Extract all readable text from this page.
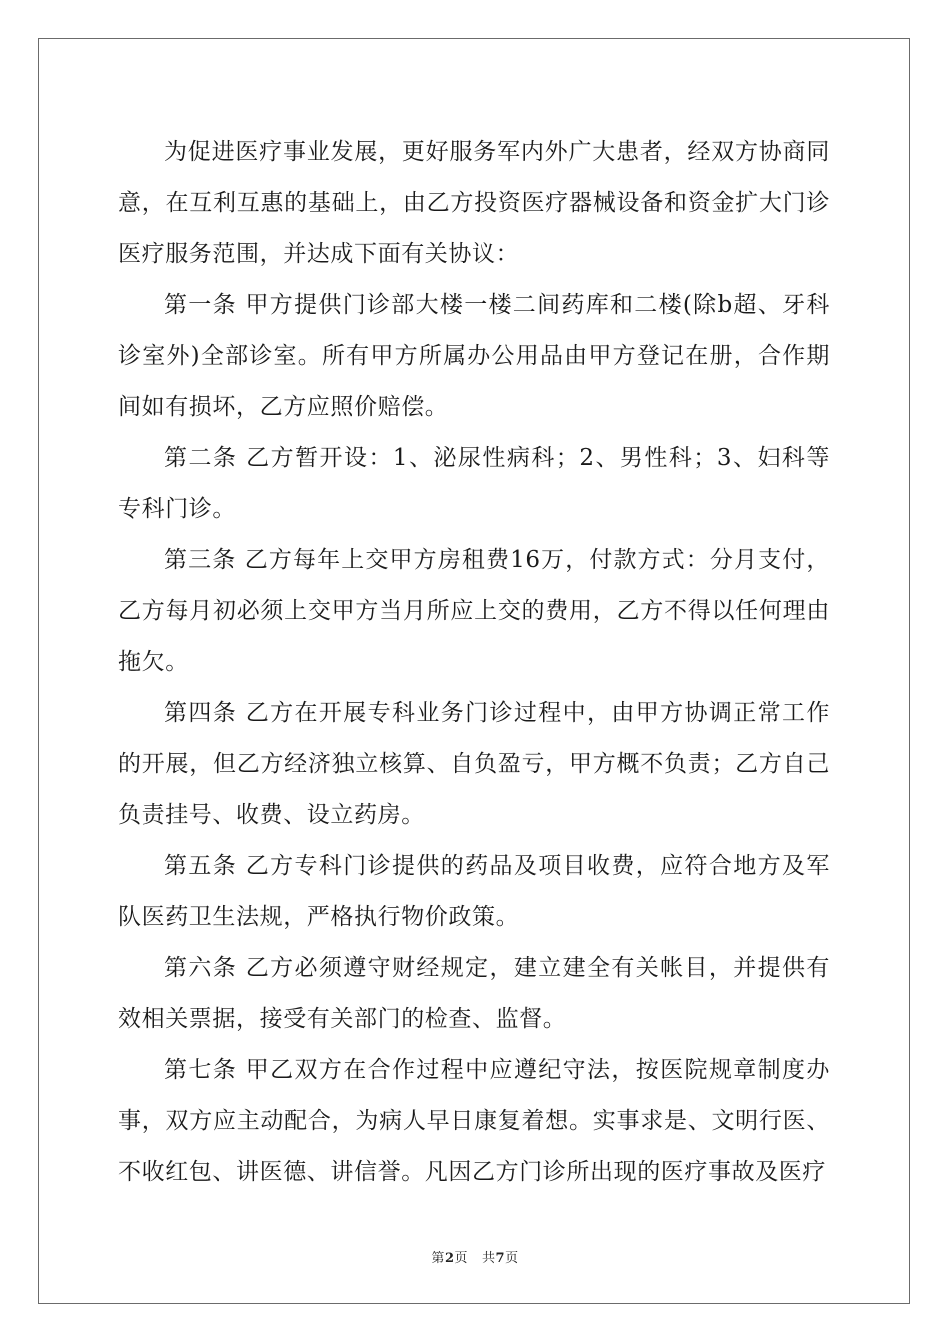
为促进医疗事业发展，更好服务军内外广大患者，经双方协商同意，在互利互惠的基础上，由乙方投资医疗器械设备和资金扩大门诊医疗服务范围，并达成下面有关协议：

第一条 甲方提供门诊部大楼一楼二间药库和二楼(除b超、牙科诊室外)全部诊室。所有甲方所属办公用品由甲方登记在册，合作期间如有损坏，乙方应照价赔偿。

第二条 乙方暂开设：1、泌尿性病科；2、男性科；3、妇科等专科门诊。

第三条 乙方每年上交甲方房租费16万，付款方式：分月支付，乙方每月初必须上交甲方当月所应上交的费用，乙方不得以任何理由拖欠。

第四条 乙方在开展专科业务门诊过程中，由甲方协调正常工作的开展，但乙方经济独立核算、自负盈亏，甲方概不负责；乙方自己负责挂号、收费、设立药房。

第五条 乙方专科门诊提供的药品及项目收费，应符合地方及军队医药卫生法规，严格执行物价政策。

第六条 乙方必须遵守财经规定，建立建全有关帐目，并提供有效相关票据，接受有关部门的检查、监督。

第七条 甲乙双方在合作过程中应遵纪守法，按医院规章制度办事，双方应主动配合，为病人早日康复着想。实事求是、文明行医、不收红包、讲医德、讲信誉。凡因乙方门诊所出现的医疗事故及医疗

第2页 共7页
